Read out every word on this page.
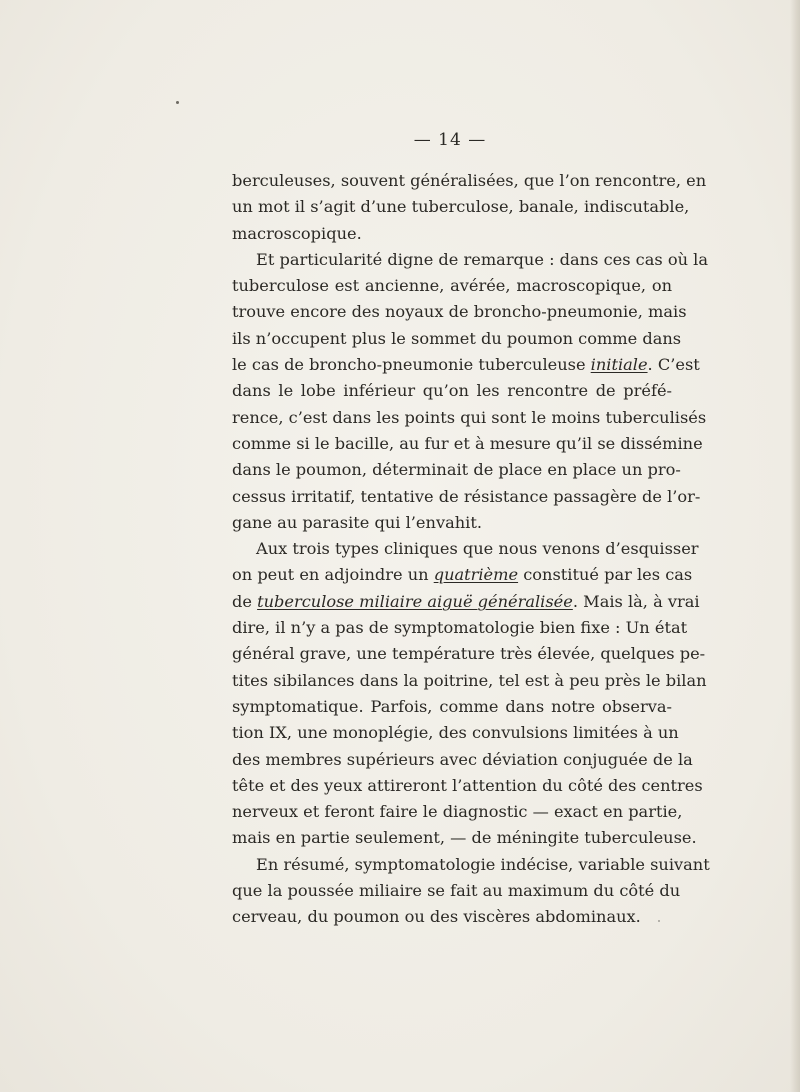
— 14 —
berculeuses, souvent généralisées, que l’on rencontre, en
un mot il s’agit d’une tuberculose, banale, indiscutable,
macroscopique.
Et particularité digne de remarque : dans ces cas où la
tuberculose est ancienne, avérée, macroscopique, on
trouve encore des noyaux de broncho-pneumonie, mais
ils n’occupent plus le sommet du poumon comme dans
le cas de broncho-pneumonie tuberculeuse initiale. C’est
dans le lobe inférieur qu’on les rencontre de préfé-
rence, c’est dans les points qui sont le moins tuberculisés
comme si le bacille, au fur et à mesure qu’il se dissémine
dans le poumon, déterminait de place en place un pro-
cessus irritatif, tentative de résistance passagère de l’or-
gane au parasite qui l’envahit.
Aux trois types cliniques que nous venons d’esquisser
on peut en adjoindre un quatrième constitué par les cas
de tuberculose miliaire aiguë généralisée. Mais là, à vrai
dire, il n’y a pas de symptomatologie bien fixe : Un état
général grave, une température très élevée, quelques pe-
tites sibilances dans la poitrine, tel est à peu près le bilan
symptomatique. Parfois, comme dans notre observa-
tion IX, une monoplégie, des convulsions limitées à un
des membres supérieurs avec déviation conjuguée de la
tête et des yeux attireront l’attention du côté des centres
nerveux et feront faire le diagnostic — exact en partie,
mais en partie seulement, — de méningite tuberculeuse.
En résumé, symptomatologie indécise, variable suivant
que la poussée miliaire se fait au maximum du côté du
cerveau, du poumon ou des viscères abdominaux.
